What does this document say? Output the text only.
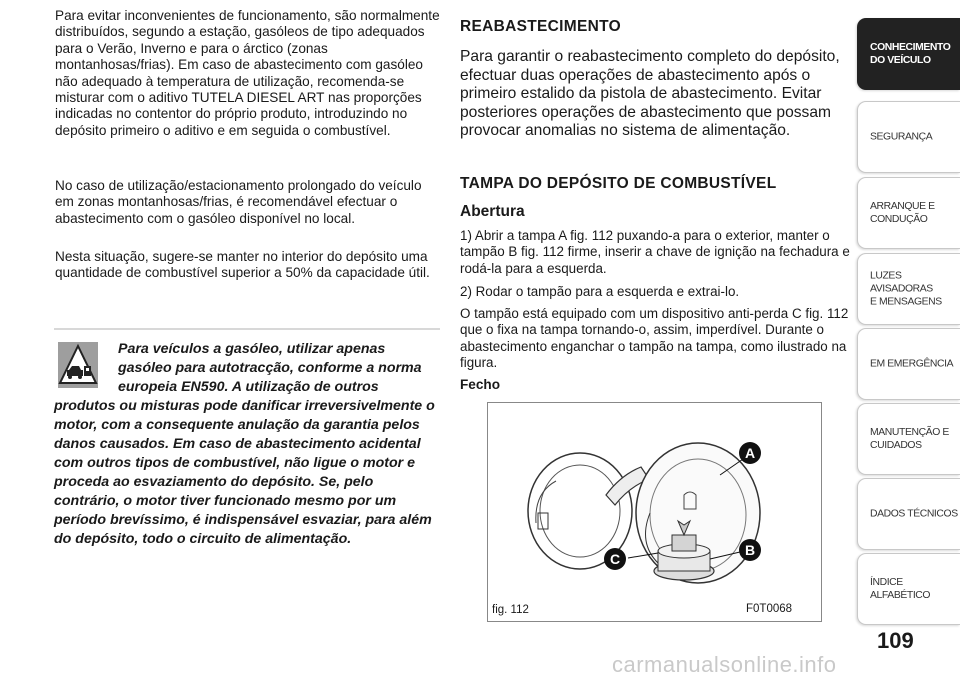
Para evitar inconvenientes de funcionamento, são normalmente distribuídos, segundo a estação, gasóleos de tipo adequados para o Verão, Inverno e para o árctico (zonas montanhosas/frias). Em caso de abastecimento com gasóleo não adequado à temperatura de utilização, recomenda-se misturar com o aditivo TUTELA DIESEL ART nas proporções indicadas no contentor do próprio produto, introduzindo no depósito primeiro o aditivo e em seguida o combustível.

No caso de utilização/estacionamento prolongado do veículo em zonas montanhosas/frias, é recomendável efectuar o abastecimento com o gasóleo disponível no local.

Nesta situação, sugere-se manter no interior do depósito uma quantidade de combustível superior a 50% da capacidade útil.

Para veículos a gasóleo, utilizar apenas gasóleo para autotracção, conforme a norma europeia EN590. A utilização de outros produtos ou misturas pode danificar irreversivelmente o motor, com a consequente anulação da garantia pelos danos causados. Em caso de abastecimento acidental com outros tipos de combustível, não ligue o motor e proceda ao esvaziamento do depósito. Se, pelo contrário, o motor tiver funcionado mesmo por um período brevíssimo, é indispensável esvaziar, para além do depósito, todo o circuito de alimentação.
REABASTECIMENTO

Para garantir o reabastecimento completo do depósito, efectuar duas operações de abastecimento após o primeiro estalido da pistola de abastecimento. Evitar posteriores operações de abastecimento que possam provocar anomalias no sistema de alimentação.

TAMPA DO DEPÓSITO DE COMBUSTÍVEL
Abertura

1) Abrir a tampa A fig. 112 puxando-a para o exterior, manter o tampão B fig. 112 firme, inserir a chave de ignição na fechadura e rodá-la para a esquerda.

2) Rodar o tampão para a esquerda e extrai-lo.

O tampão está equipado com um dispositivo anti-perda C fig. 112 que o fixa na tampa tornando-o, assim, imperdível. Durante o abastecimento enganchar o tampão na tampa, como ilustrado na figura.

Fecho
A
B
C
fig. 112	F0T0068
CONHECIMENTO
DO VEÍCULO
SEGURANÇA
ARRANQUE E
CONDUÇÃO
LUZES AVISADORAS
E MENSAGENS
EM EMERGÊNCIA
MANUTENÇÃO E
CUIDADOS
DADOS TÉCNICOS
ÍNDICE ALFABÉTICO
109
carmanualsonline.info
